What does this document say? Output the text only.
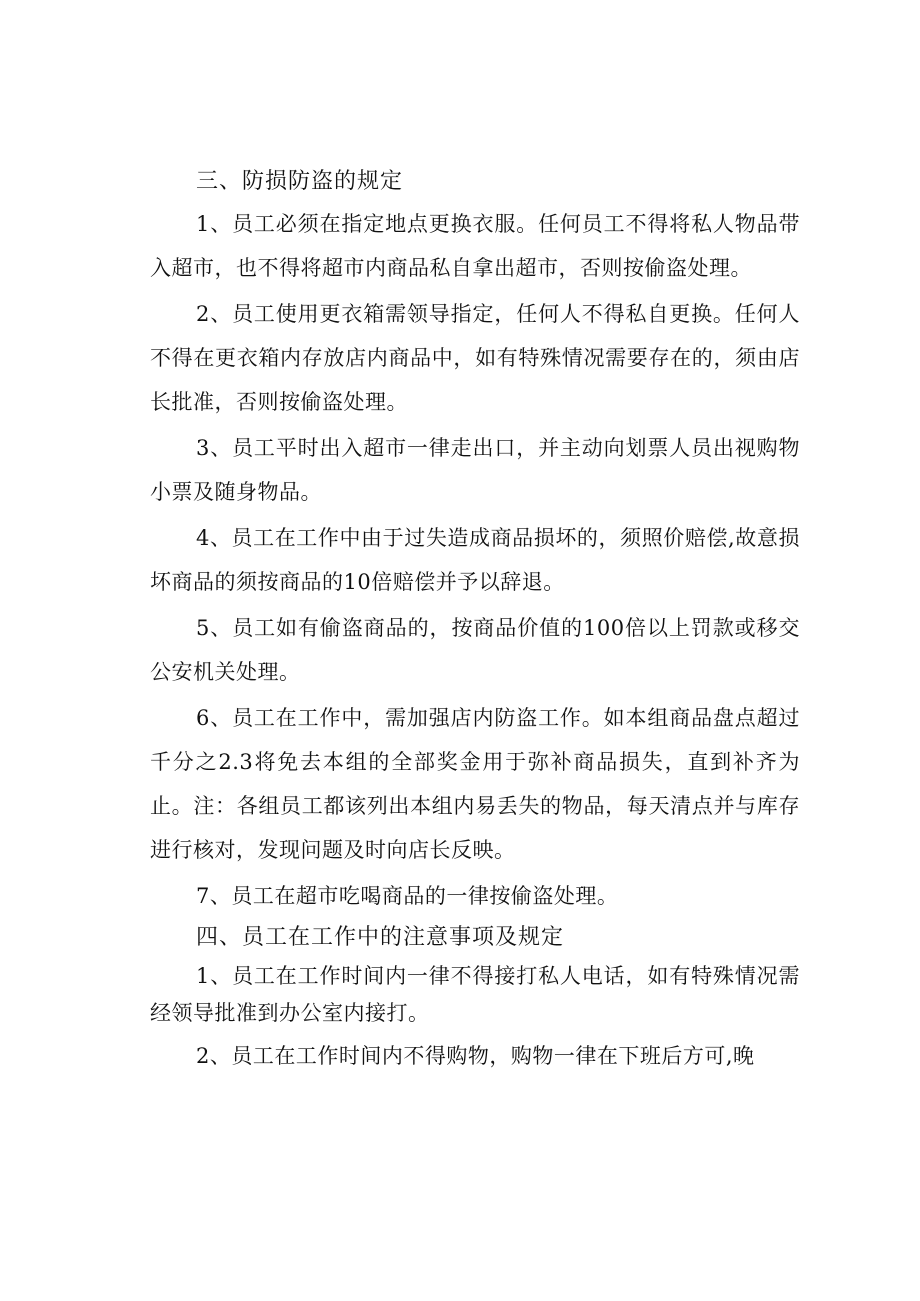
三、防损防盗的规定

1、员工必须在指定地点更换衣服。任何员工不得将私人物品带入超市，也不得将超市内商品私自拿出超市，否则按偷盗处理。

2、员工使用更衣箱需领导指定，任何人不得私自更换。任何人不得在更衣箱内存放店内商品中，如有特殊情况需要存在的，须由店长批准，否则按偷盗处理。

3、员工平时出入超市一律走出口，并主动向划票人员出视购物小票及随身物品。

4、员工在工作中由于过失造成商品损坏的，须照价赔偿,故意损坏商品的须按商品的10倍赔偿并予以辞退。

5、员工如有偷盗商品的，按商品价值的100倍以上罚款或移交公安机关处理。

6、员工在工作中，需加强店内防盗工作。如本组商品盘点超过千分之2.3将免去本组的全部奖金用于弥补商品损失，直到补齐为止。注：各组员工都该列出本组内易丢失的物品，每天清点并与库存进行核对，发现问题及时向店长反映。

7、员工在超市吃喝商品的一律按偷盗处理。

四、员工在工作中的注意事项及规定

1、员工在工作时间内一律不得接打私人电话，如有特殊情况需经领导批准到办公室内接打。

2、员工在工作时间内不得购物，购物一律在下班后方可,晚
